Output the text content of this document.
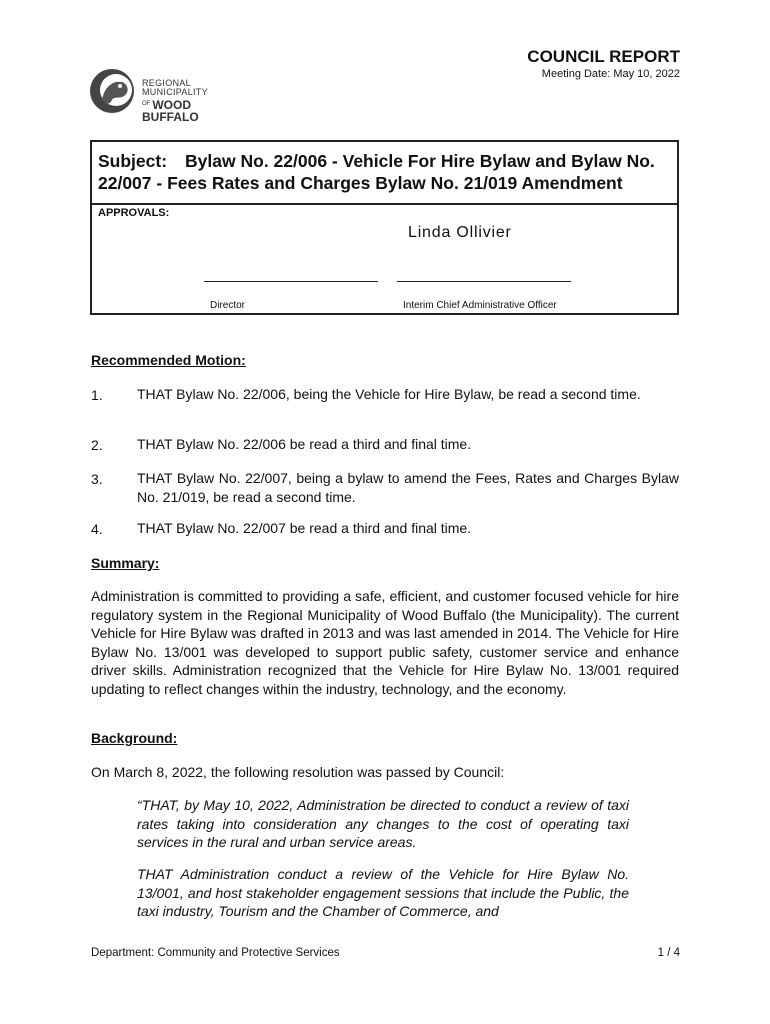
REGIONAL MUNICIPALITY
$^{OF}$ WOOD BUFFALO
COUNCIL REPORT
Meeting Date: May 10, 2022
Subject: Bylaw No. 22/006 - Vehicle For Hire Bylaw and Bylaw No. 22/007 - Fees Rates and Charges Bylaw No. 21/019 Amendment
APPROVALS:
Linda Ollivier
Director	Interim Chief Administrative Officer
Recommended Motion:
1. THAT Bylaw No. 22/006, being the Vehicle for Hire Bylaw, be read a second time.
2. THAT Bylaw No. 22/006 be read a third and final time.
3. THAT Bylaw No. 22/007, being a bylaw to amend the Fees, Rates and Charges Bylaw No. 21/019, be read a second time.
4. THAT Bylaw No. 22/007 be read a third and final time.
Summary:
Administration is committed to providing a safe, efficient, and customer focused vehicle for hire regulatory system in the Regional Municipality of Wood Buffalo (the Municipality). The current Vehicle for Hire Bylaw was drafted in 2013 and was last amended in 2014. The Vehicle for Hire Bylaw No. 13/001 was developed to support public safety, customer service and enhance driver skills. Administration recognized that the Vehicle for Hire Bylaw No. 13/001 required updating to reflect changes within the industry, technology, and the economy.
Background:
On March 8, 2022, the following resolution was passed by Council:
“THAT, by May 10, 2022, Administration be directed to conduct a review of taxi rates taking into consideration any changes to the cost of operating taxi services in the rural and urban service areas.
THAT Administration conduct a review of the Vehicle for Hire Bylaw No. 13/001, and host stakeholder engagement sessions that include the Public, the taxi industry, Tourism and the Chamber of Commerce, and
Department: Community and Protective Services	1 / 4
